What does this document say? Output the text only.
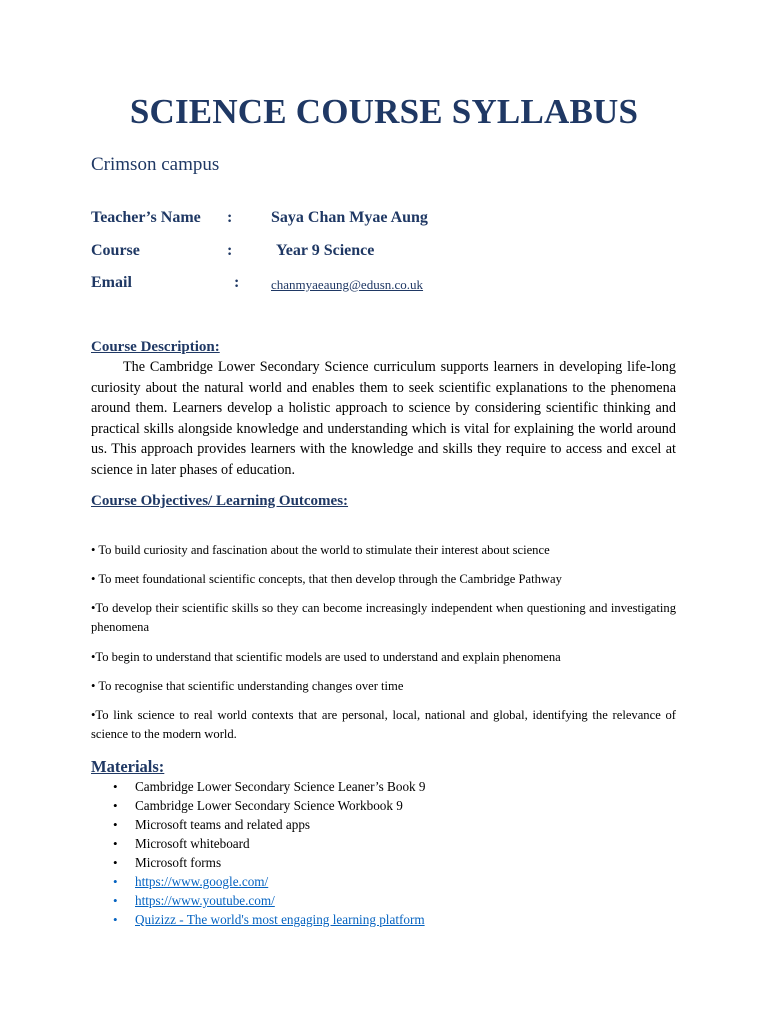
SCIENCE COURSE SYLLABUS
Crimson campus
Teacher’s Name : Saya Chan Myae Aung
Course	:	Year 9 Science
Email	: chanmyaeaung@edusn.co.uk
Course Description:

The Cambridge Lower Secondary Science curriculum supports learners in developing life-long curiosity about the natural world and enables them to seek scientific explanations to the phenomena around them. Learners develop a holistic approach to science by considering scientific thinking and practical skills alongside knowledge and understanding which is vital for explaining the world around us. This approach provides learners with the knowledge and skills they require to access and excel at science in later phases of education.

Course Objectives/ Learning Outcomes:

• To build curiosity and fascination about the world to stimulate their interest about science

• To meet foundational scientific concepts, that then develop through the Cambridge Pathway

•To develop their scientific skills so they can become increasingly independent when questioning and investigating phenomena

•To begin to understand that scientific models are used to understand and explain phenomena

• To recognise that scientific understanding changes over time

•To link science to real world contexts that are personal, local, national and global, identifying the relevance of science to the modern world.

Materials:
• Cambridge Lower Secondary Science Leaner’s Book 9
• Cambridge Lower Secondary Science Workbook 9
• Microsoft teams and related apps
• Microsoft whiteboard
• Microsoft forms
• https://www.google.com/
• https://www.youtube.com/
• Quizizz - The world's most engaging learning platform
